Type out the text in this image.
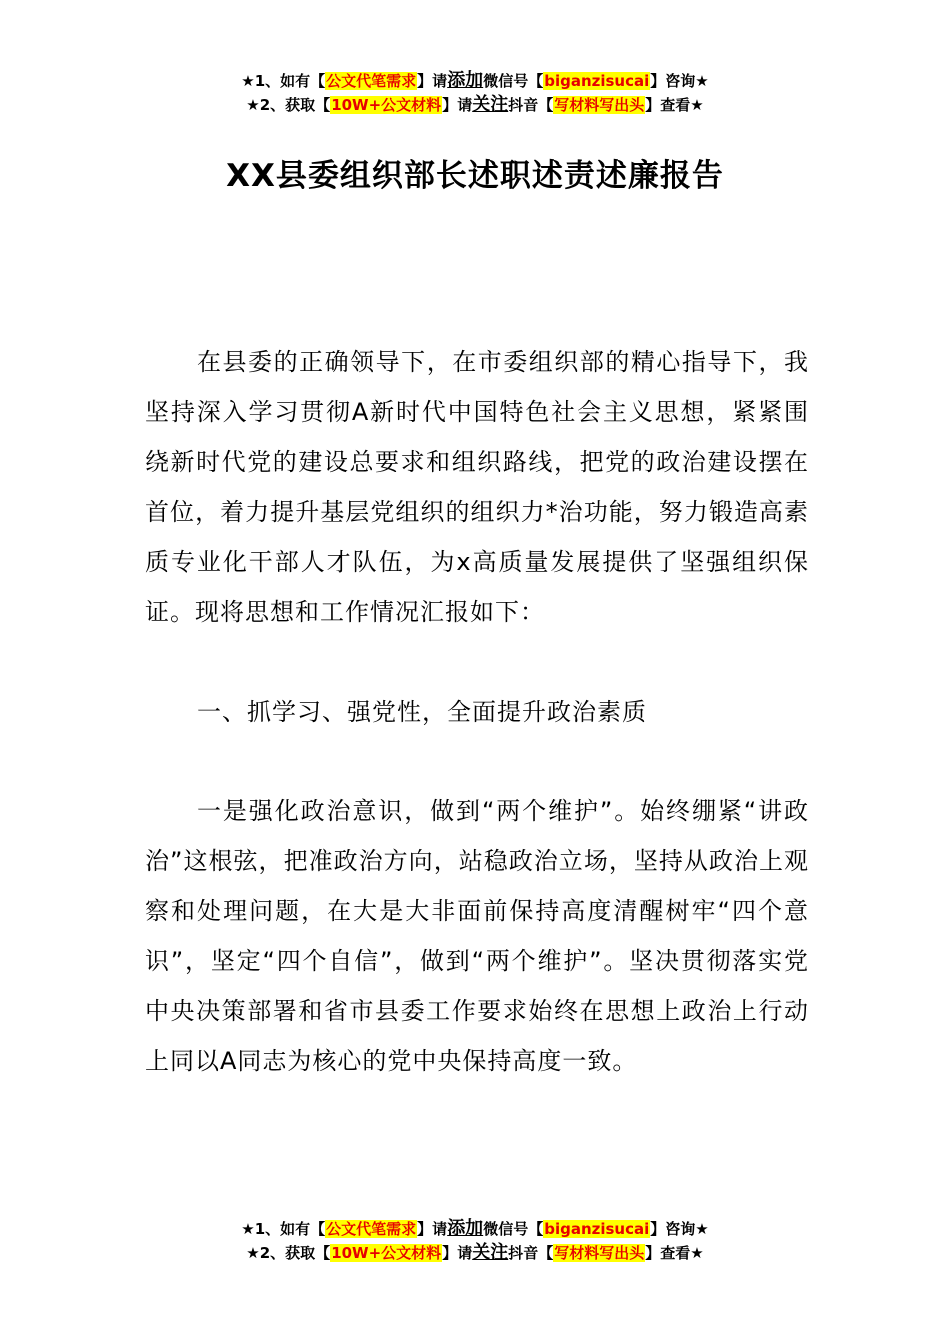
★1、如有【公文代笔需求】请添加微信号【biganzisucai】咨询★
★2、获取【10W+公文材料】请关注抖音【写材料写出头】查看★
XX县委组织部长述职述责述廉报告

在县委的正确领导下，在市委组织部的精心指导下，我坚持深入学习贯彻A新时代中国特色社会主义思想，紧紧围绕新时代党的建设总要求和组织路线，把党的政治建设摆在首位，着力提升基层党组织的组织力*治功能，努力锻造高素质专业化干部人才队伍，为x高质量发展提供了坚强组织保证。现将思想和工作情况汇报如下：

一、抓学习、强党性，全面提升政治素质

一是强化政治意识，做到“两个维护”。始终绷紧“讲政治”这根弦，把准政治方向，站稳政治立场，坚持从政治上观察和处理问题，在大是大非面前保持高度清醒树牢“四个意识”，坚定“四个自信”，做到“两个维护”。坚决贯彻落实党中央决策部署和省市县委工作要求始终在思想上政治上行动上同以A同志为核心的党中央保持高度一致。

★1、如有【公文代笔需求】请添加微信号【biganzisucai】咨询★
★2、获取【10W+公文材料】请关注抖音【写材料写出头】查看★
